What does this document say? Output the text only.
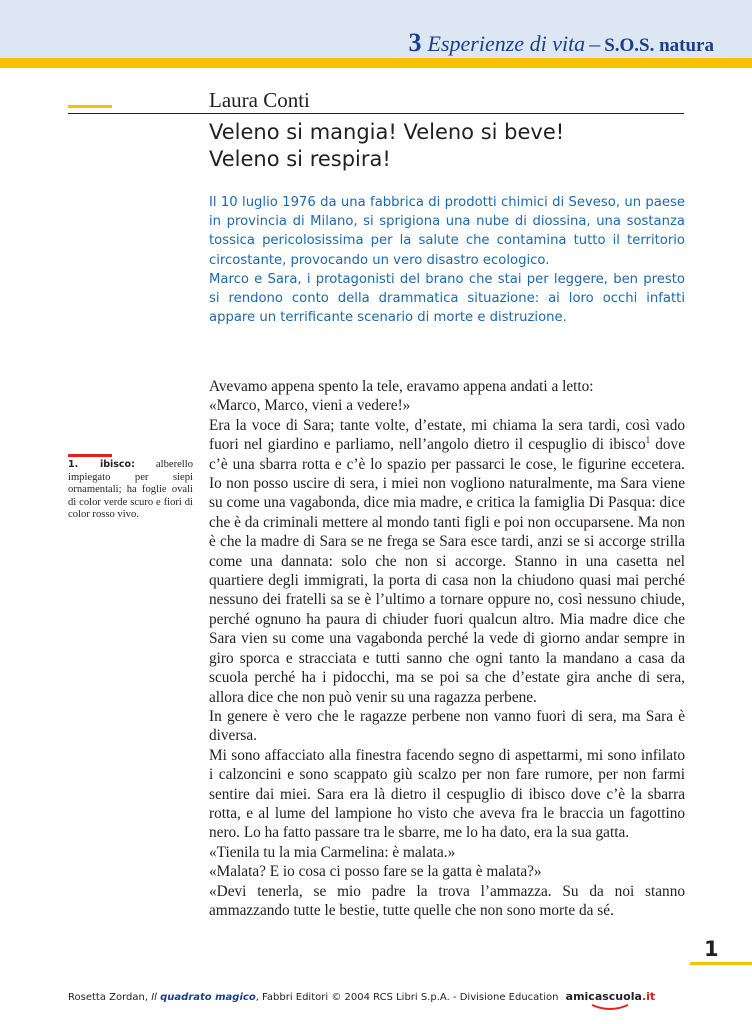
3 Esperienze di vita – S.O.S. natura
Laura Conti
Veleno si mangia! Veleno si beve!
Veleno si respira!

Il 10 luglio 1976 da una fabbrica di prodotti chimici di Seveso, un paese in provincia di Milano, si sprigiona una nube di diossina, una sostanza tossica pericolosissima per la salute che contamina tutto il territorio circostante, provocando un vero disastro ecologico.

Marco e Sara, i protagonisti del brano che stai per leggere, ben presto si rendono conto della drammatica situazione: ai loro occhi infatti appare un terrificante scenario di morte e distruzione.

1. ibisco: alberello impiegato per siepi ornamentali; ha foglie ovali di color verde scuro e fiori di color rosso vivo.

Avevamo appena spento la tele, eravamo appena andati a letto:

«Marco, Marco, vieni a vedere!»

Era la voce di Sara; tante volte, d’estate, mi chiama la sera tardi, così vado fuori nel giardino e parliamo, nell’angolo dietro il cespuglio di ibisco$^1$ dove c’è una sbarra rotta e c’è lo spazio per passarci le cose, le figurine eccetera. Io non posso uscire di sera, i miei non vogliono naturalmente, ma Sara viene su come una vagabonda, dice mia madre, e critica la famiglia Di Pasqua: dice che è da criminali mettere al mondo tanti figli e poi non occuparsene. Ma non è che la madre di Sara se ne frega se Sara esce tardi, anzi se si accorge strilla come una dannata: solo che non si accorge. Stanno in una casetta nel quartiere degli immigrati, la porta di casa non la chiudono quasi mai perché nessuno dei fratelli sa se è l’ultimo a tornare oppure no, così nessuno chiude, perché ognuno ha paura di chiuder fuori qualcun altro. Mia madre dice che Sara vien su come una vagabonda perché la vede di giorno andar sempre in giro sporca e stracciata e tutti sanno che ogni tanto la mandano a casa da scuola perché ha i pidocchi, ma se poi sa che d’estate gira anche di sera, allora dice che non può venir su una ragazza perbene.

In genere è vero che le ragazze perbene non vanno fuori di sera, ma Sara è diversa.

Mi sono affacciato alla finestra facendo segno di aspettarmi, mi sono infilato i calzoncini e sono scappato giù scalzo per non fare rumore, per non farmi sentire dai miei. Sara era là dietro il cespuglio di ibisco dove c’è la sbarra rotta, e al lume del lampione ho visto che aveva fra le braccia un fagottino nero. Lo ha fatto passare tra le sbarre, me lo ha dato, era la sua gatta.

«Tienila tu la mia Carmelina: è malata.»

«Malata? E io cosa ci posso fare se la gatta è malata?»

«Devi tenerla, se mio padre la trova l’ammazza. Su da noi stanno ammazzando tutte le bestie, tutte quelle che non sono morte da sé.

1
Rosetta Zordan, Il quadrato magico, Fabbri Editori © 2004 RCS Libri S.p.A. - Divisione Education amicascuola.it
